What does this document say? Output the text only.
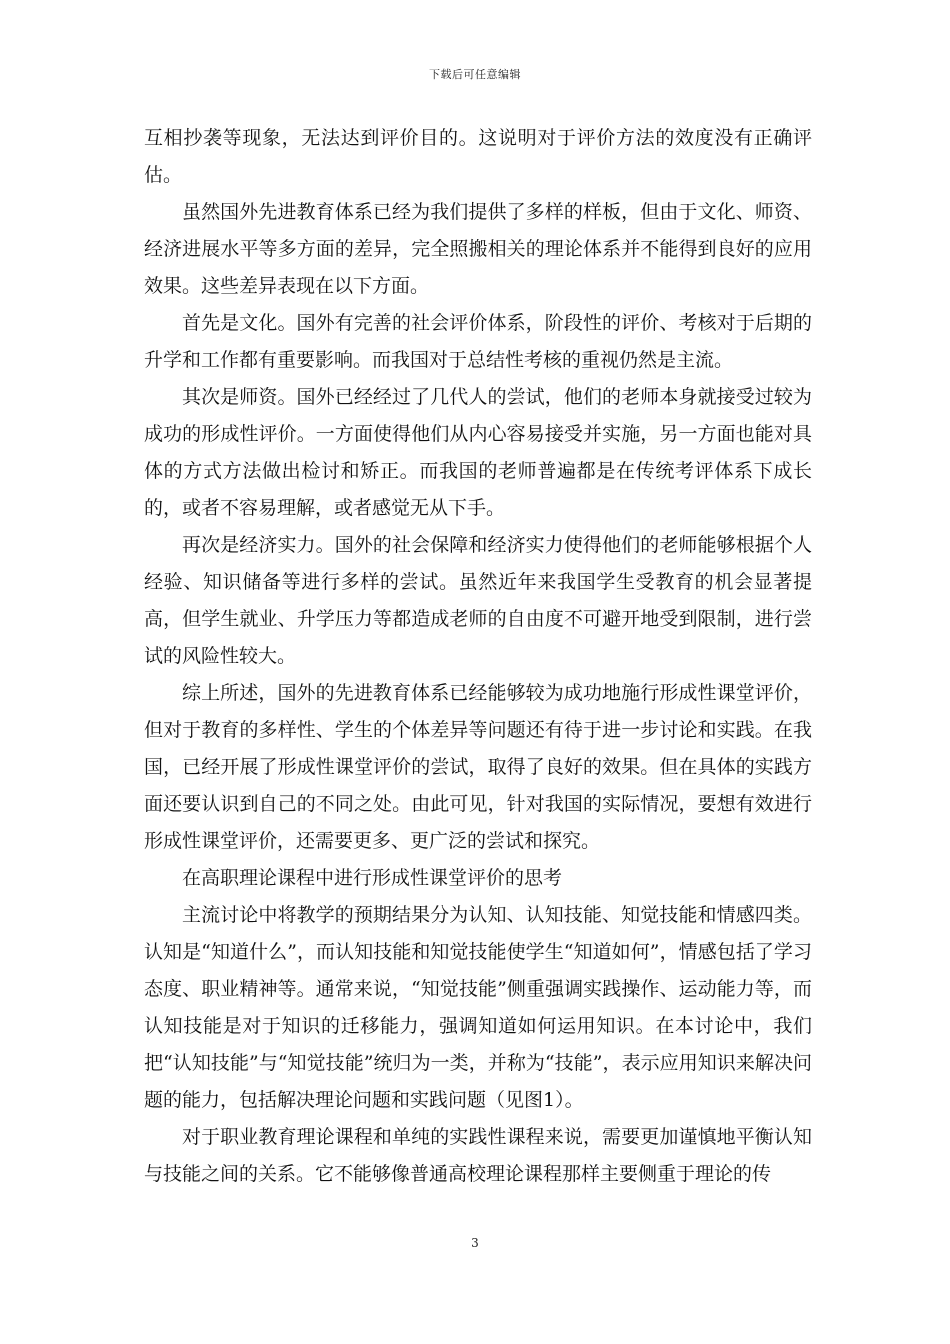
下载后可任意编辑

互相抄袭等现象，无法达到评价目的。这说明对于评价方法的效度没有正确评估。

虽然国外先进教育体系已经为我们提供了多样的样板，但由于文化、师资、经济进展水平等多方面的差异，完全照搬相关的理论体系并不能得到良好的应用效果。这些差异表现在以下方面。

首先是文化。国外有完善的社会评价体系，阶段性的评价、考核对于后期的升学和工作都有重要影响。而我国对于总结性考核的重视仍然是主流。

其次是师资。国外已经经过了几代人的尝试，他们的老师本身就接受过较为成功的形成性评价。一方面使得他们从内心容易接受并实施，另一方面也能对具体的方式方法做出检讨和矫正。而我国的老师普遍都是在传统考评体系下成长的，或者不容易理解，或者感觉无从下手。

再次是经济实力。国外的社会保障和经济实力使得他们的老师能够根据个人经验、知识储备等进行多样的尝试。虽然近年来我国学生受教育的机会显著提高，但学生就业、升学压力等都造成老师的自由度不可避开地受到限制，进行尝试的风险性较大。

综上所述，国外的先进教育体系已经能够较为成功地施行形成性课堂评价，但对于教育的多样性、学生的个体差异等问题还有待于进一步讨论和实践。在我国，已经开展了形成性课堂评价的尝试，取得了良好的效果。但在具体的实践方面还要认识到自己的不同之处。由此可见，针对我国的实际情况，要想有效进行形成性课堂评价，还需要更多、更广泛的尝试和探究。

在高职理论课程中进行形成性课堂评价的思考

主流讨论中将教学的预期结果分为认知、认知技能、知觉技能和情感四类。认知是“知道什么”，而认知技能和知觉技能使学生“知道如何”，情感包括了学习态度、职业精神等。通常来说，“知觉技能”侧重强调实践操作、运动能力等，而认知技能是对于知识的迁移能力，强调知道如何运用知识。在本讨论中，我们把“认知技能”与“知觉技能”统归为一类，并称为“技能”，表示应用知识来解决问题的能力，包括解决理论问题和实践问题（见图1）。

对于职业教育理论课程和单纯的实践性课程来说，需要更加谨慎地平衡认知与技能之间的关系。它不能够像普通高校理论课程那样主要侧重于理论的传

3
